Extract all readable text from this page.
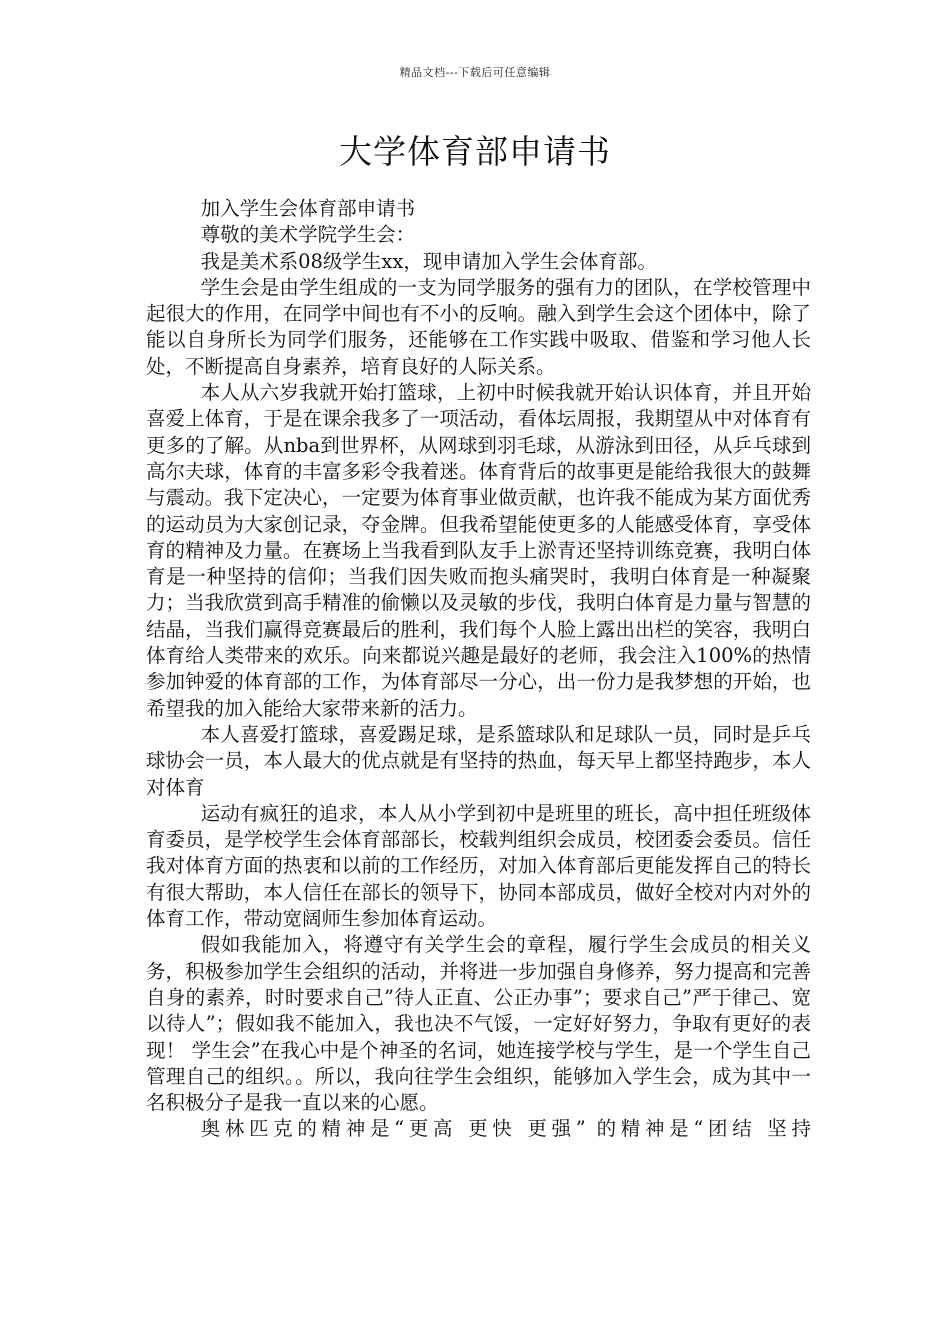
精品文档---下载后可任意编辑
大学体育部申请书

加入学生会体育部申请书

尊敬的美术学院学生会：

我是美术系08级学生xx，现申请加入学生会体育部。

学生会是由学生组成的一支为同学服务的强有力的团队，在学校管理中起很大的作用，在同学中间也有不小的反响。融入到学生会这个团体中，除了能以自身所长为同学们服务，还能够在工作实践中吸取、借鉴和学习他人长处，不断提高自身素养，培育良好的人际关系。

本人从六岁我就开始打篮球，上初中时候我就开始认识体育，并且开始喜爱上体育，于是在课余我多了一项活动，看体坛周报，我期望从中对体育有更多的了解。从nba到世界杯，从网球到羽毛球，从游泳到田径，从乒乓球到高尔夫球，体育的丰富多彩令我着迷。体育背后的故事更是能给我很大的鼓舞与震动。我下定决心，一定要为体育事业做贡献，也许我不能成为某方面优秀的运动员为大家创记录，夺金牌。但我希望能使更多的人能感受体育，享受体育的精神及力量。在赛场上当我看到队友手上淤青还坚持训练竞赛，我明白体育是一种坚持的信仰；当我们因失败而抱头痛哭时，我明白体育是一种凝聚力；当我欣赏到高手精准的偷懒以及灵敏的步伐，我明白体育是力量与智慧的结晶，当我们赢得竞赛最后的胜利，我们每个人脸上露出出栏的笑容，我明白体育给人类带来的欢乐。向来都说兴趣是最好的老师，我会注入100%的热情参加钟爱的体育部的工作，为体育部尽一分心，出一份力是我梦想的开始，也希望我的加入能给大家带来新的活力。

本人喜爱打篮球，喜爱踢足球，是系篮球队和足球队一员，同时是乒乓球协会一员，本人最大的优点就是有坚持的热血，每天早上都坚持跑步，本人对体育

运动有疯狂的追求，本人从小学到初中是班里的班长，高中担任班级体育委员，是学校学生会体育部部长，校载判组织会成员，校团委会委员。信任我对体育方面的热衷和以前的工作经历，对加入体育部后更能发挥自己的特长有很大帮助，本人信任在部长的领导下，协同本部成员，做好全校对内对外的体育工作，带动宽阔师生参加体育运动。

假如我能加入，将遵守有关学生会的章程，履行学生会成员的相关义务，积极参加学生会组织的活动，并将进一步加强自身修养，努力提高和完善自身的素养，时时要求自己”待人正直、公正办事”；要求自己”严于律己、宽以待人”；假如我不能加入，我也决不气馁，一定好好努力，争取有更好的表现！ 学生会”在我心中是个神圣的名词，她连接学校与学生，是一个学生自己管理自己的组织。。所以，我向往学生会组织，能够加入学生会，成为其中一名积极分子是我一直以来的心愿。

奥林匹克的精神是“更高 更快 更强” 的精神是“团结 坚持
